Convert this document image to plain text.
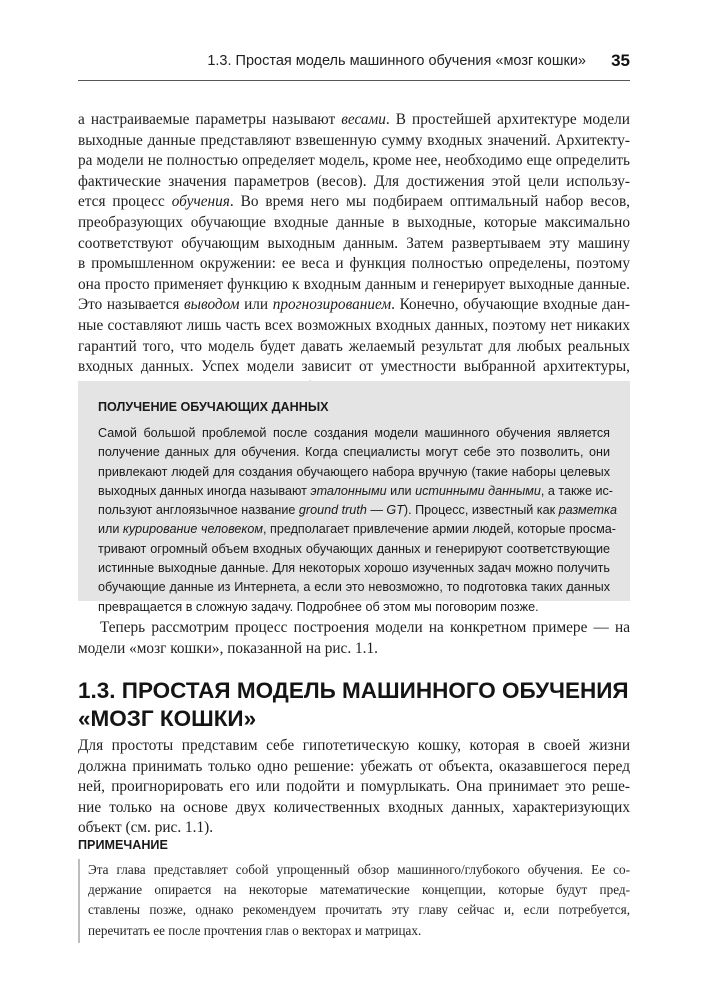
1.3. Простая модель машинного обучения «мозг кошки» 35
а настраиваемые параметры называют весами. В простейшей архитектуре модели
выходные данные представляют взвешенную сумму входных значений. Архитекту-
ра модели не полностью определяет модель, кроме нее, необходимо еще определить
фактические значения параметров (весов). Для достижения этой цели использу-
ется процесс обучения. Во время него мы подбираем оптимальный набор весов,
преобразующих обучающие входные данные в выходные, которые максимально
соответствуют обучающим выходным данным. Затем развертываем эту машину
в промышленном окружении: ее веса и функция полностью определены, поэтому
она просто применяет функцию к входным данным и генерирует выходные данные.
Это называется выводом или прогнозированием. Конечно, обучающие входные дан-
ные составляют лишь часть всех возможных входных данных, поэтому нет никаких
гарантий того, что модель будет давать желаемый результат для любых реальных
входных данных. Успех модели зависит от уместности выбранной архитектуры,
ПОЛУЧЕНИЕ ОБУЧАЮЩИХ ДАННЫХ
Самой большой проблемой после создания модели машинного обучения является
получение данных для обучения. Когда специалисты могут себе это позволить, они
привлекают людей для создания обучающего набора вручную (такие наборы целевых
выходных данных иногда называют эталонными или истинными данными, а также ис-
пользуют англоязычное название ground truth — GT). Процесс, известный как разметка
или курирование человеком, предполагает привлечение армии людей, которые просма-
тривают огромный объем входных обучающих данных и генерируют соответствующие
истинные выходные данные. Для некоторых хорошо изученных задач можно получить
обучающие данные из Интернета, а если это невозможно, то подготовка таких данных
превращается в сложную задачу. Подробнее об этом мы поговорим позже.
Теперь рассмотрим процесс построения модели на конкретном примере — на
модели «мозг кошки», показанной на рис. 1.1.
1.3. ПРОСТАЯ МОДЕЛЬ МАШИННОГО ОБУЧЕНИЯ
«МОЗГ КОШКИ»
Для простоты представим себе гипотетическую кошку, которая в своей жизни
должна принимать только одно решение: убежать от объекта, оказавшегося перед
ней, проигнорировать его или подойти и помурлыкать. Она принимает это реше-
ние только на основе двух количественных входных данных, характеризующих
объект (см. рис. 1.1).
ПРИМЕЧАНИЕ
Эта глава представляет собой упрощенный обзор машинного/глубокого обучения. Ее со-
держание опирается на некоторые математические концепции, которые будут пред-
ставлены позже, однако рекомендуем прочитать эту главу сейчас и, если потребуется,
перечитать ее после прочтения глав о векторах и матрицах.
